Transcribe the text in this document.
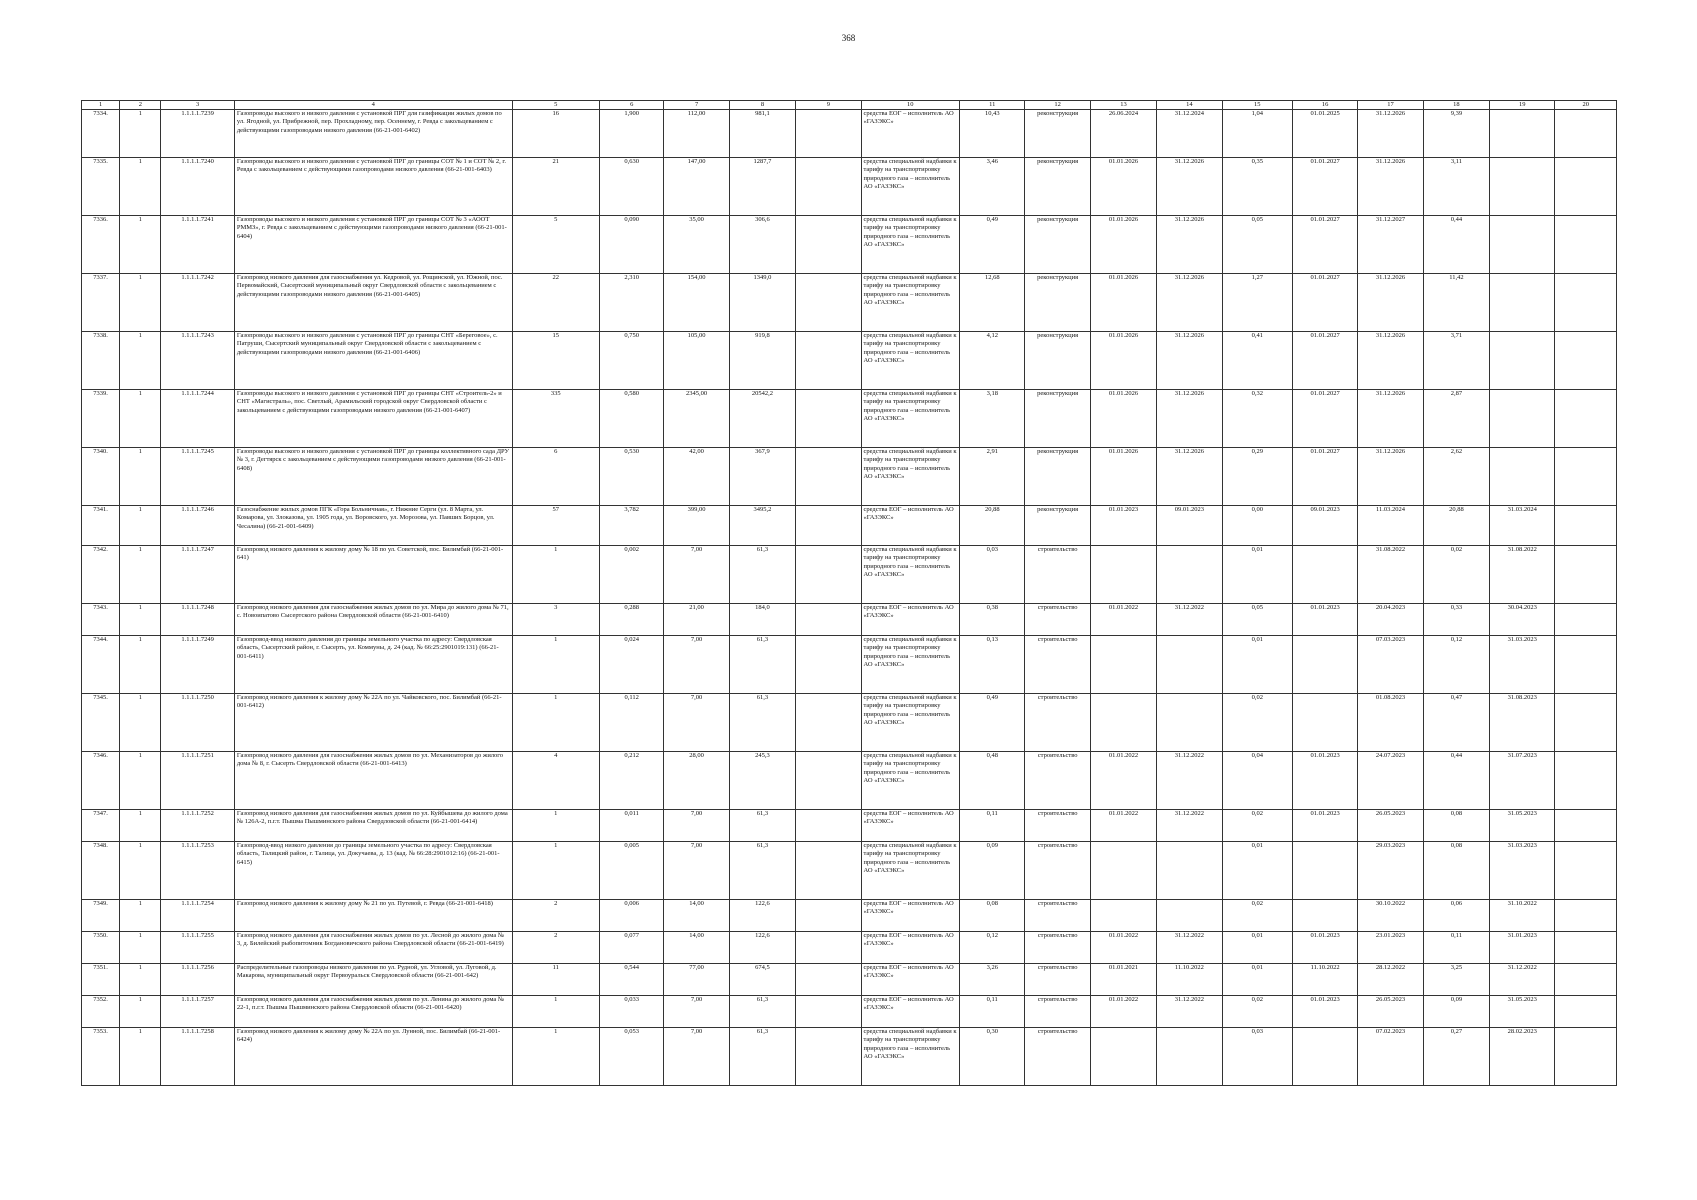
368
1	2	3	4	5	6	7	8	9	10	11	12	13	14	15	16	17	18	19	20
7334.	1	1.1.1.1.7239	Газопроводы высокого и низкого давления с установкой ПРГ для газификации жилых домов по ул. Ягодной, ул. Прибрежной, пер. Прохладному, пер. Осеннему, г. Ревда с закольцеванием с действующими газопроводами низкого давления (66-21-001-6402)	16	1,900	112,00	981,1		средства ЕОГ – исполнитель АО «ГАЗЭКС»	10,43	реконструкция	26.06.2024	31.12.2024	1,04	01.01.2025	31.12.2026	9,39		
7335.	1	1.1.1.1.7240	Газопроводы высокого и низкого давления с установкой ПРГ до границы СОТ № 1 и СОТ № 2, г. Ревда с закольцеванием с действующими газопроводами низкого давления (66-21-001-6403)	21	0,630	147,00	1287,7		средства специальной надбавки к тарифу на транспортировку природного газа – исполнитель АО «ГАЗЭКС»	3,46	реконструкция	01.01.2026	31.12.2026	0,35	01.01.2027	31.12.2026	3,11		
7336.	1	1.1.1.1.7241	Газопроводы высокого и низкого давления с установкой ПРГ до границы СОТ № 3 «АООТ РММЗ», г. Ревда с закольцеванием с действующими газопроводами низкого давления (66-21-001-6404)	5	0,090	35,00	306,6		средства специальной надбавки к тарифу на транспортировку природного газа – исполнитель АО «ГАЗЭКС»	0,49	реконструкция	01.01.2026	31.12.2026	0,05	01.01.2027	31.12.2027	0,44		
7337.	1	1.1.1.1.7242	Газопровод низкого давления для газоснабжения ул. Кедровой, ул. Рощинской, ул. Южной, пос. Первомайский, Сысертский муниципальный округ Свердловской области с закольцеванием с действующими газопроводами низкого давления (66-21-001-6405)	22	2,310	154,00	1349,0		средства специальной надбавки к тарифу на транспортировку природного газа – исполнитель АО «ГАЗЭКС»	12,68	реконструкция	01.01.2026	31.12.2026	1,27	01.01.2027	31.12.2026	11,42		
7338.	1	1.1.1.1.7243	Газопроводы высокого и низкого давления с установкой ПРГ до границы СНТ «Береговое», с. Патруши, Сысертский муниципальный округ Свердловской области с закольцеванием с действующими газопроводами низкого давления (66-21-001-6406)	15	0,750	105,00	919,8		средства специальной надбавки к тарифу на транспортировку природного газа – исполнитель АО «ГАЗЭКС»	4,12	реконструкция	01.01.2026	31.12.2026	0,41	01.01.2027	31.12.2026	3,71		
7339.	1	1.1.1.1.7244	Газопроводы высокого и низкого давления с установкой ПРГ до границы СНТ «Строитель-2» и СНТ «Магистраль», пос. Светлый, Арамильский городской округ Свердловской области с закольцеванием с действующими газопроводами низкого давления (66-21-001-6407)	335	0,580	2345,00	20542,2		средства специальной надбавки к тарифу на транспортировку природного газа – исполнитель АО «ГАЗЭКС»	3,18	реконструкция	01.01.2026	31.12.2026	0,32	01.01.2027	31.12.2026	2,87		
7340.	1	1.1.1.1.7245	Газопроводы высокого и низкого давления с установкой ПРГ до границы коллективного сада ДРУ № 3, г. Дегтярск с закольцеванием с действующими газопроводами низкого давления (66-21-001-6408)	6	0,530	42,00	367,9		средства специальной надбавки к тарифу на транспортировку природного газа – исполнитель АО «ГАЗЭКС»	2,91	реконструкция	01.01.2026	31.12.2026	0,29	01.01.2027	31.12.2026	2,62		
7341.	1	1.1.1.1.7246	Газоснабжение жилых домов ПГК «Гора Больничная», г. Нижние Серги (ул. 8 Марта, ул. Комарова, ул. Злоказова, ул. 1905 года, ул. Воровского, ул. Морозова, ул. Павших Борцов, ул. Чесалина) (66-21-001-6409)	57	3,782	399,00	3495,2		средства ЕОГ – исполнитель АО «ГАЗЭКС»	20,88	реконструкция	01.01.2023	09.01.2023	0,00	09.01.2023	11.03.2024	20,88	31.03.2024	
7342.	1	1.1.1.1.7247	Газопровод низкого давления к жилому дому № 18 по ул. Советской, пос. Билимбай (66-21-001-641)	1	0,002	7,00	61,3		средства специальной надбавки к тарифу на транспортировку природного газа – исполнитель АО «ГАЗЭКС»	0,03	строительство			0,01		31.08.2022	0,02	31.08.2022	
7343.	1	1.1.1.1.7248	Газопровод низкого давления для газоснабжения жилых домов по ул. Мира до жилого дома № 71, с. Новоипатово Сысертского района Свердловской области (66-21-001-6410)	3	0,288	21,00	184,0		средства ЕОГ – исполнитель АО «ГАЗЭКС»	0,38	строительство	01.01.2022	31.12.2022	0,05	01.01.2023	20.04.2023	0,33	30.04.2023	
7344.	1	1.1.1.1.7249	Газопровод-ввод низкого давления до границы земельного участка по адресу: Свердловская область, Сысертский район, г. Сысерть, ул. Коммуны, д. 24 (кад. № 66:25:2901019:131) (66-21-001-6411)	1	0,024	7,00	61,3		средства специальной надбавки к тарифу на транспортировку природного газа – исполнитель АО «ГАЗЭКС»	0,13	строительство			0,01		07.03.2023	0,12	31.03.2023	
7345.	1	1.1.1.1.7250	Газопровод низкого давления к жилому дому № 22А по ул. Чайковского, пос. Билимбай (66-21-001-6412)	1	0,112	7,00	61,3		средства специальной надбавки к тарифу на транспортировку природного газа – исполнитель АО «ГАЗЭКС»	0,49	строительство			0,02		01.08.2023	0,47	31.08.2023	
7346.	1	1.1.1.1.7251	Газопровод низкого давления для газоснабжения жилых домов по ул. Механизаторов до жилого дома № 8, г. Сысерть Свердловской области (66-21-001-6413)	4	0,212	28,00	245,3		средства специальной надбавки к тарифу на транспортировку природного газа – исполнитель АО «ГАЗЭКС»	0,48	строительство	01.01.2022	31.12.2022	0,04	01.01.2023	24.07.2023	0,44	31.07.2023	
7347.	1	1.1.1.1.7252	Газопровод низкого давления для газоснабжения жилых домов по ул. Куйбышева до жилого дома № 126А-2, п.г.т. Пышма Пышминского района Свердловской области (66-21-001-6414)	1	0,011	7,00	61,3		средства ЕОГ – исполнитель АО «ГАЗЭКС»	0,11	строительство	01.01.2022	31.12.2022	0,02	01.01.2023	26.05.2023	0,08	31.05.2023	
7348.	1	1.1.1.1.7253	Газопровод-ввод низкого давления до границы земельного участка по адресу: Свердловская область, Талицкий район, г. Талица, ул. Докучаева, д. 13 (кад. № 66:28:2901012:16) (66-21-001-6415)	1	0,005	7,00	61,3		средства специальной надбавки к тарифу на транспортировку природного газа – исполнитель АО «ГАЗЭКС»	0,09	строительство			0,01		29.03.2023	0,08	31.03.2023	
7349.	1	1.1.1.1.7254	Газопровод низкого давления к жилому дому № 21 по ул. Путевой, г. Ревда (66-21-001-6418)	2	0,006	14,00	122,6		средства ЕОГ – исполнитель АО «ГАЗЭКС»	0,08	строительство			0,02		30.10.2022	0,06	31.10.2022	
7350.	1	1.1.1.1.7255	Газопровод низкого давления для газоснабжения жилых домов по ул. Лесной до жилого дома № 3, д. Билейский рыбопитомник Богдановичского района Свердловской области (66-21-001-6419)	2	0,077	14,00	122,6		средства ЕОГ – исполнитель АО «ГАЗЭКС»	0,12	строительство	01.01.2022	31.12.2022	0,01	01.01.2023	23.01.2023	0,11	31.01.2023	
7351.	1	1.1.1.1.7256	Распределительные газопроводы низкого давления по ул. Рудной, ул. Угловой, ул. Луговой, д. Макарова, муниципальный округ Первоуральск Свердловской области (66-21-001-642)	11	0,544	77,00	674,5		средства ЕОГ – исполнитель АО «ГАЗЭКС»	3,26	строительство	01.01.2021	11.10.2022	0,01	11.10.2022	28.12.2022	3,25	31.12.2022	
7352.	1	1.1.1.1.7257	Газопровод низкого давления для газоснабжения жилых домов по ул. Ленина до жилого дома № 22-1, п.г.т. Пышма Пышминского района Свердловской области (66-21-001-6420)	1	0,033	7,00	61,3		средства ЕОГ – исполнитель АО «ГАЗЭКС»	0,11	строительство	01.01.2022	31.12.2022	0,02	01.01.2023	26.05.2023	0,09	31.05.2023	
7353.	1	1.1.1.1.7258	Газопровод низкого давления к жилому дому № 22А по ул. Лунной, пос. Билимбай (66-21-001-6424)	1	0,053	7,00	61,3		средства специальной надбавки к тарифу на транспортировку природного газа – исполнитель АО «ГАЗЭКС»	0,30	строительство			0,03		07.02.2023	0,27	28.02.2023	
